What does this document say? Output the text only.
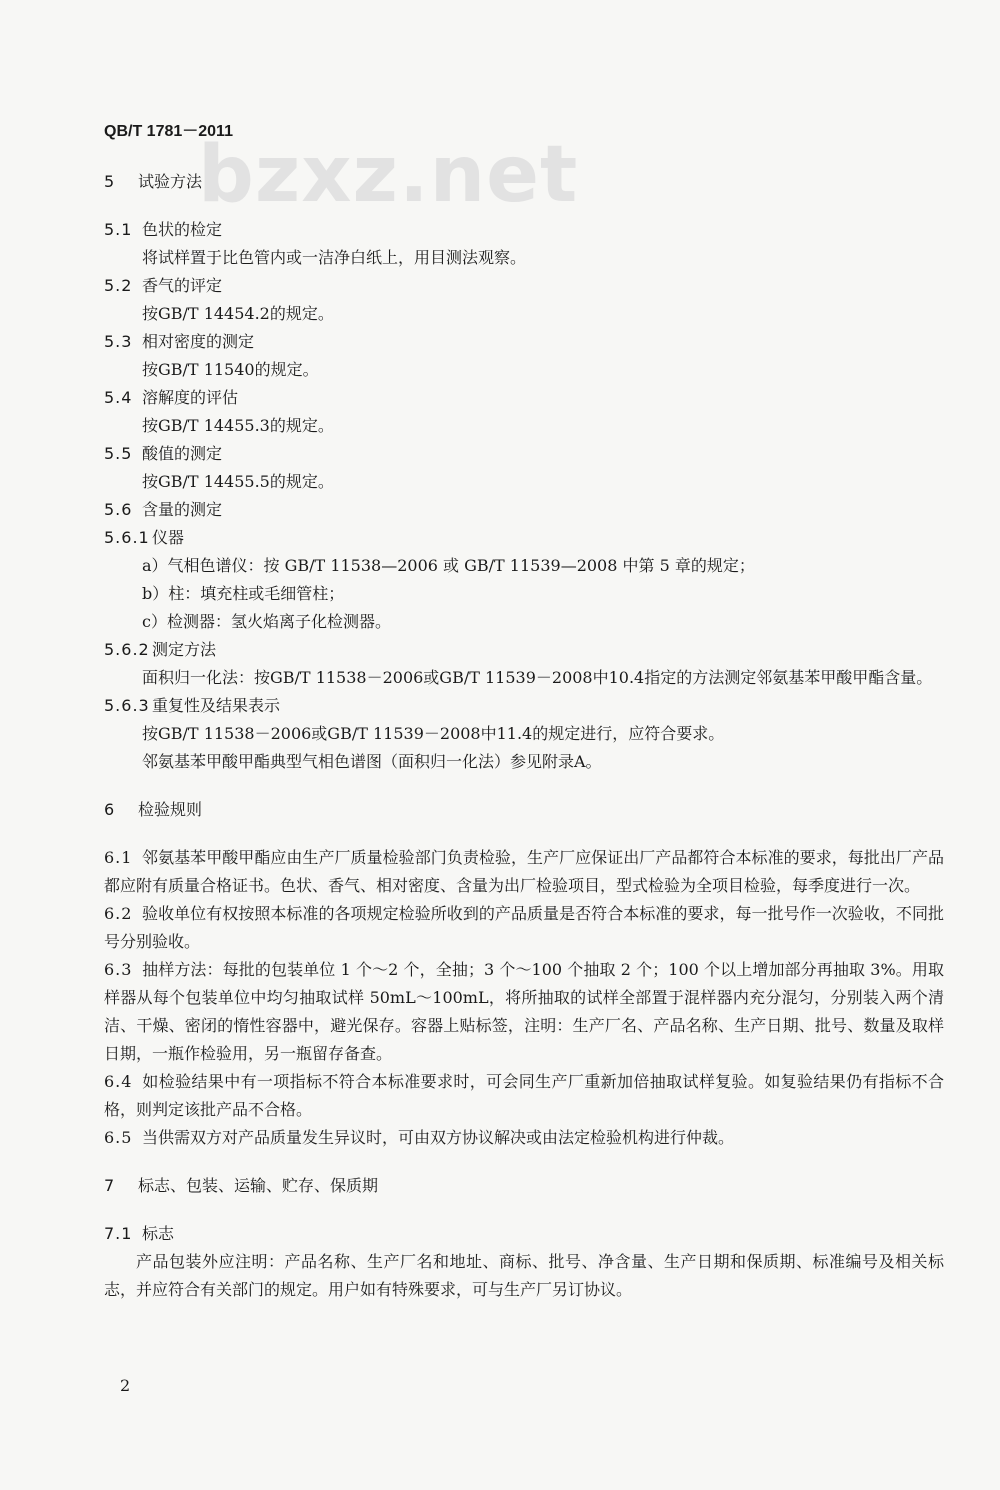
bzxz.net
QB/T 1781－2011
5 试验方法
5.1 色状的检定
将试样置于比色管内或一洁净白纸上，用目测法观察。
5.2 香气的评定
按GB/T 14454.2的规定。
5.3 相对密度的测定
按GB/T 11540的规定。
5.4 溶解度的评估
按GB/T 14455.3的规定。
5.5 酸值的测定
按GB/T 14455.5的规定。
5.6 含量的测定
5.6.1 仪器
a）气相色谱仪：按 GB/T 11538—2006 或 GB/T 11539—2008 中第 5 章的规定；
b）柱：填充柱或毛细管柱；
c）检测器：氢火焰离子化检测器。
5.6.2 测定方法
面积归一化法：按GB/T 11538－2006或GB/T 11539－2008中10.4指定的方法测定邻氨基苯甲酸甲酯含量。
5.6.3 重复性及结果表示
按GB/T 11538－2006或GB/T 11539－2008中11.4的规定进行，应符合要求。
邻氨基苯甲酸甲酯典型气相色谱图（面积归一化法）参见附录A。
6 检验规则
6.1 邻氨基苯甲酸甲酯应由生产厂质量检验部门负责检验，生产厂应保证出厂产品都符合本标准的要求，每批出厂产品都应附有质量合格证书。色状、香气、相对密度、含量为出厂检验项目，型式检验为全项目检验，每季度进行一次。
6.2 验收单位有权按照本标准的各项规定检验所收到的产品质量是否符合本标准的要求，每一批号作一次验收，不同批号分别验收。
6.3 抽样方法：每批的包装单位 1 个～2 个，全抽；3 个～100 个抽取 2 个；100 个以上增加部分再抽取 3%。用取样器从每个包装单位中均匀抽取试样 50mL～100mL，将所抽取的试样全部置于混样器内充分混匀，分别装入两个清洁、干燥、密闭的惰性容器中，避光保存。容器上贴标签，注明：生产厂名、产品名称、生产日期、批号、数量及取样日期，一瓶作检验用，另一瓶留存备查。
6.4 如检验结果中有一项指标不符合本标准要求时，可会同生产厂重新加倍抽取试样复验。如复验结果仍有指标不合格，则判定该批产品不合格。
6.5 当供需双方对产品质量发生异议时，可由双方协议解决或由法定检验机构进行仲裁。
7 标志、包装、运输、贮存、保质期
7.1 标志
产品包装外应注明：产品名称、生产厂名和地址、商标、批号、净含量、生产日期和保质期、标准编号及相关标志，并应符合有关部门的规定。用户如有特殊要求，可与生产厂另订协议。
2
